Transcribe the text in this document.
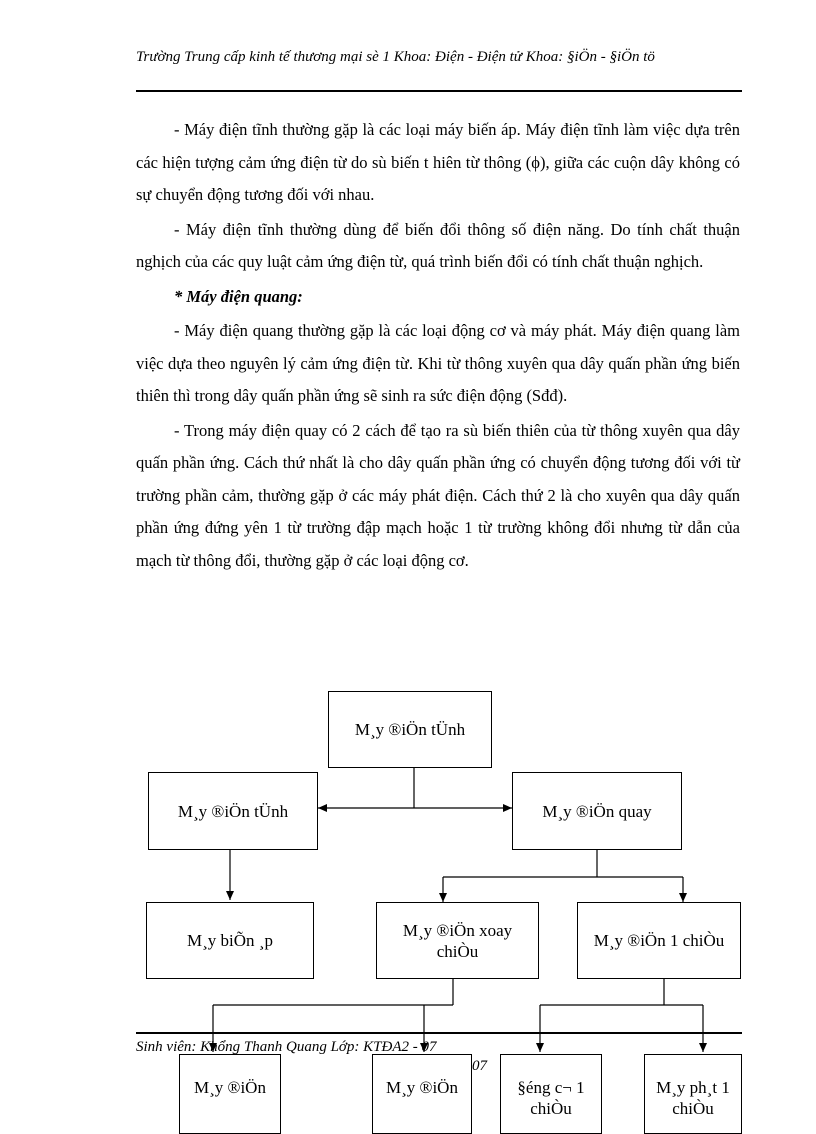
Trường Trung cấp kinh tế thương mại sè 1 Khoa: Điện - Điện tử Khoa: §iÖn - §iÖn tö

- Máy điện tĩnh thường gặp là các loại máy biến áp. Máy điện tĩnh làm việc dựa trên các hiện tượng cảm ứng điện từ do sù biến t hiên từ thông (ϕ), giữa các cuộn dây không có sự chuyển động tương đối với nhau.

- Máy điện tĩnh thường dùng để biến đổi thông số điện năng. Do tính chất thuận nghịch của các quy luật cảm ứng điện từ, quá trình biến đổi có tính chất thuận nghịch.

* Máy điện quang:

- Máy điện quang thường gặp là các loại động cơ và máy phát. Máy điện quang làm việc dựa theo nguyên lý cảm ứng điện từ. Khi từ thông xuyên qua dây quấn phần ứng biến thiên thì trong dây quấn phần ứng sẽ sinh ra sức điện động (Sđđ).

- Trong máy điện quay có 2 cách để tạo ra sù biến thiên của từ thông xuyên qua dây quấn phần ứng. Cách thứ nhất là cho dây quấn phần ứng có chuyển động tương đối với từ trường phần cảm, thường gặp ở các máy phát điện. Cách thứ 2 là cho xuyên qua dây quấn phần ứng đứng yên 1 từ trường đập mạch hoặc 1 từ trường không đổi nhưng từ dẫn của mạch từ thông đổi, thường gặp ở các loại động cơ.

M¸y ®iÖn tÜnh
M¸y ®iÖn tÜnh	M¸y ®iÖn quay
M¸y biÕn ¸p
M¸y ®iÖn xoay chiÒu
M¸y ®iÖn 1 chiÒu
M¸y ®iÖn	M¸y ®iÖn	§éng c¬ 1 chiÒu
M¸y ph¸t 1 chiÒu
Sinh viên: Khổng Thanh Quang Lớp: KTĐA2 - 07
07
